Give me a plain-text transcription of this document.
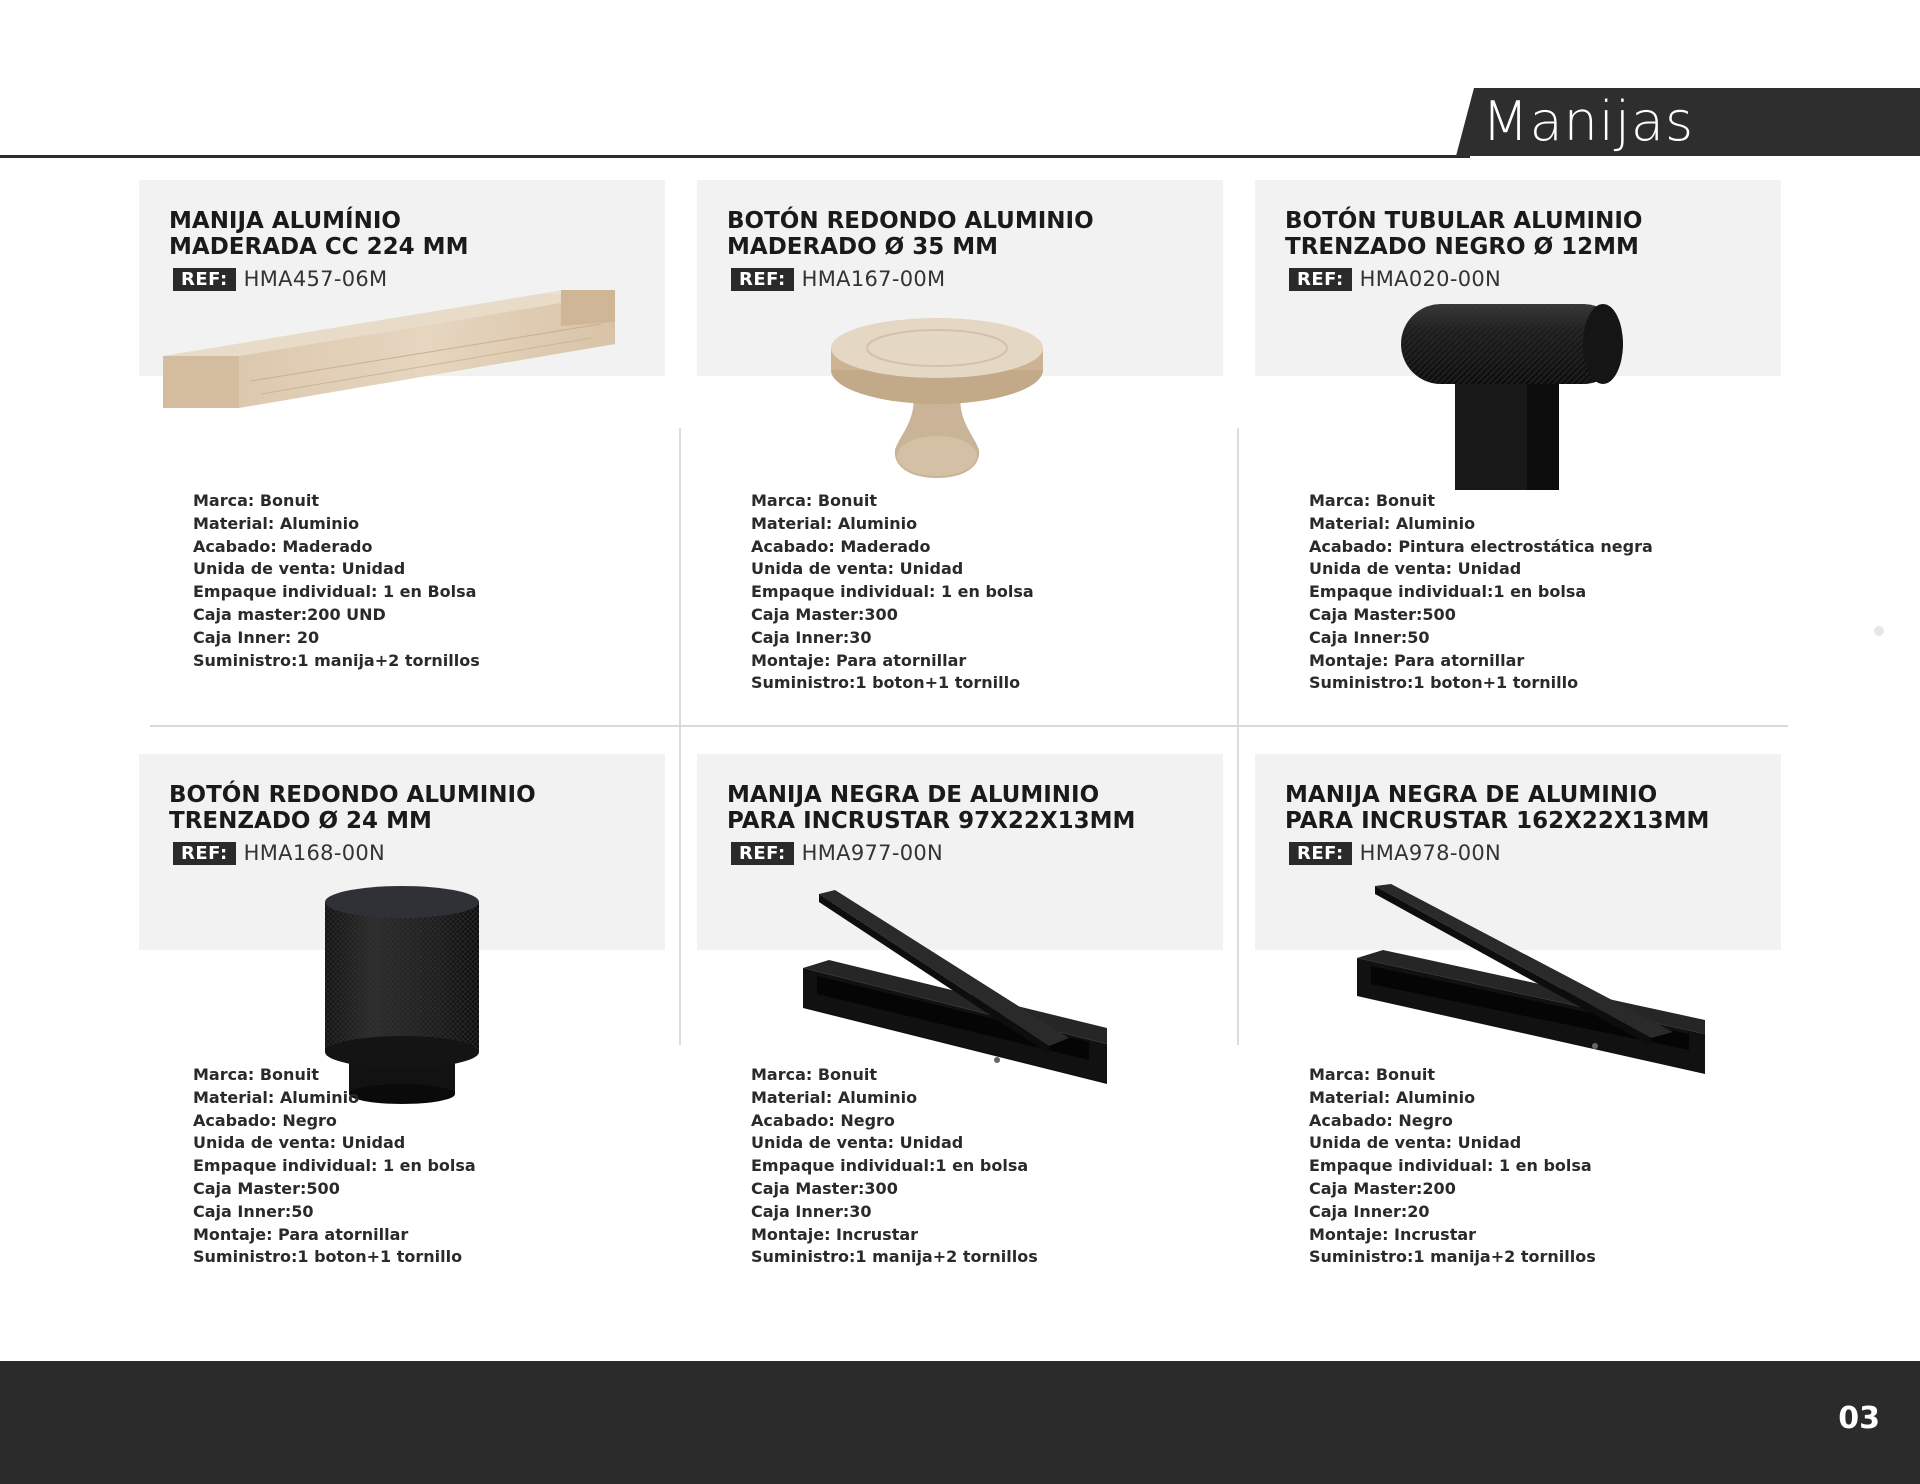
Manijas
MANIJA ALUMÍNIO
MADERADA CC 224 MM
REF: HMA457-06M
Marca: Bonuit
Material: Aluminio
Acabado: Maderado
Unida de venta: Unidad
Empaque individual: 1 en Bolsa
Caja master:200 UND
Caja Inner: 20
Suministro:1 manija+2 tornillos
BOTÓN REDONDO ALUMINIO
MADERADO Ø 35 MM
REF: HMA167-00M
Marca: Bonuit
Material: Aluminio
Acabado: Maderado
Unida de venta: Unidad
Empaque individual: 1 en bolsa
Caja Master:300
Caja Inner:30
Montaje: Para atornillar
Suministro:1 boton+1 tornillo
BOTÓN TUBULAR ALUMINIO
TRENZADO NEGRO Ø 12MM
REF: HMA020-00N
Marca: Bonuit
Material: Aluminio
Acabado: Pintura electrostática negra
Unida de venta: Unidad
Empaque individual:1 en bolsa
Caja Master:500
Caja Inner:50
Montaje: Para atornillar
Suministro:1 boton+1 tornillo
BOTÓN REDONDO ALUMINIO
TRENZADO Ø 24 MM
REF: HMA168-00N
Marca: Bonuit
Material: Aluminio
Acabado: Negro
Unida de venta: Unidad
Empaque individual: 1 en bolsa
Caja Master:500
Caja Inner:50
Montaje: Para atornillar
Suministro:1 boton+1 tornillo
MANIJA NEGRA DE ALUMINIO
PARA INCRUSTAR 97X22X13MM
REF: HMA977-00N
Marca: Bonuit
Material: Aluminio
Acabado: Negro
Unida de venta: Unidad
Empaque individual:1 en bolsa
Caja Master:300
Caja Inner:30
Montaje: Incrustar
Suministro:1 manija+2 tornillos
MANIJA NEGRA DE ALUMINIO
PARA INCRUSTAR 162X22X13MM
REF: HMA978-00N
Marca: Bonuit
Material: Aluminio
Acabado: Negro
Unida de venta: Unidad
Empaque individual: 1 en bolsa
Caja Master:200
Caja Inner:20
Montaje: Incrustar
Suministro:1 manija+2 tornillos
03
